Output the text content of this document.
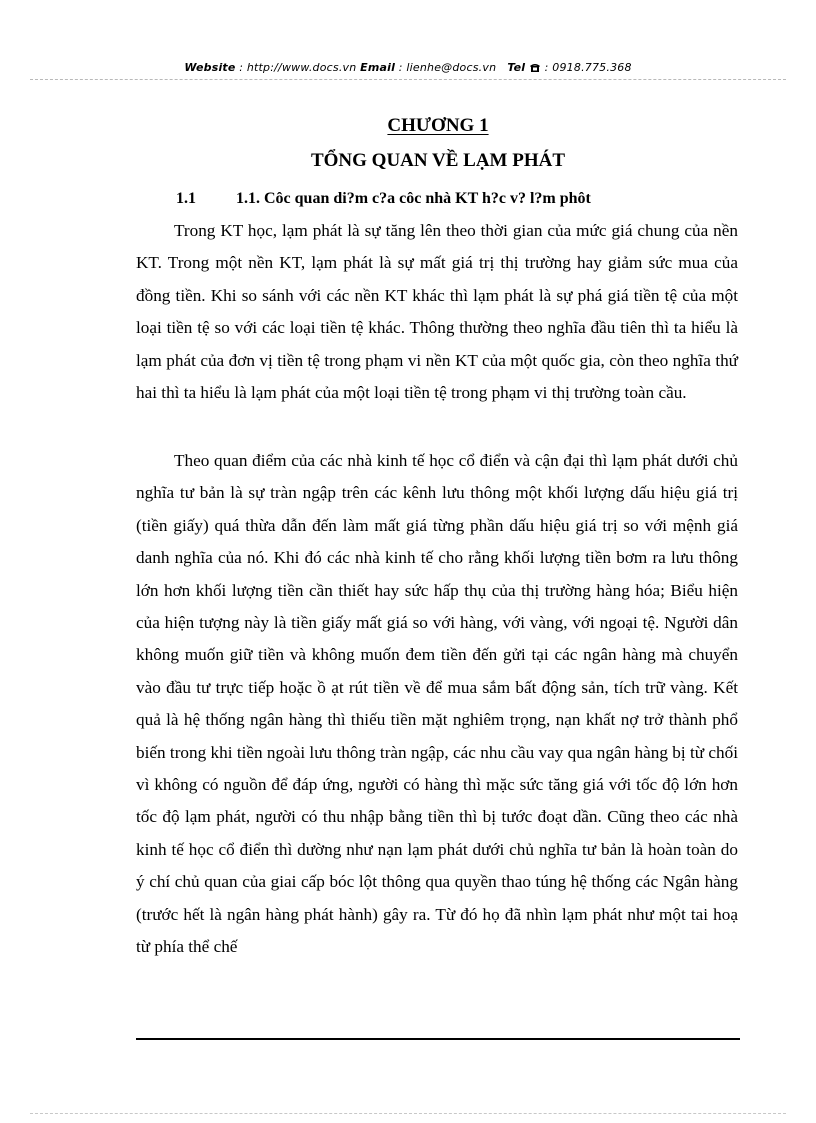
Website : http://www.docs.vn Email : lienhe@docs.vn Tel  : 0918.775.368
CHƯƠNG 1
TỔNG QUAN VỀ LẠM PHÁT
1.1	1.1. Côc quan di?m c?a côc nhà KT h?c v? l?m phôt
Trong KT học, lạm phát là sự tăng lên theo thời gian của mức giá chung của nền KT. Trong một nền KT, lạm phát là sự mất giá trị thị trường hay giảm sức mua của đồng tiền. Khi so sánh với các nền KT khác thì lạm phát là sự phá giá tiền tệ của một loại tiền tệ so với các loại tiền tệ khác. Thông thường theo nghĩa đầu tiên thì ta hiểu là lạm phát của đơn vị tiền tệ trong phạm vi nền KT của một quốc gia, còn theo nghĩa thứ hai thì ta hiểu là lạm phát của một loại tiền tệ trong phạm vi thị trường toàn cầu.
Theo quan điểm của các nhà kinh tế học cổ điển và cận đại thì lạm phát dưới chủ nghĩa tư bản là sự tràn ngập trên các kênh lưu thông một khối lượng dấu hiệu giá trị (tiền giấy) quá thừa dẫn đến làm mất giá từng phần dấu hiệu giá trị so với mệnh giá danh nghĩa của nó. Khi đó các nhà kinh tế cho rằng khối lượng tiền bơm ra lưu thông lớn hơn khối lượng tiền cần thiết hay sức hấp thụ của thị trường hàng hóa; Biểu hiện của hiện tượng này là tiền giấy mất giá so với hàng, với vàng, với ngoại tệ. Người dân không muốn giữ tiền và không muốn đem tiền đến gửi tại các ngân hàng mà chuyển vào đầu tư trực tiếp hoặc ồ ạt rút tiền về để mua sắm bất động sản, tích trữ vàng. Kết quả là hệ thống ngân hàng thì thiếu tiền mặt nghiêm trọng, nạn khất nợ trở thành phổ biến trong khi tiền ngoài lưu thông tràn ngập, các nhu cầu vay qua ngân hàng bị từ chối vì không có nguồn để đáp ứng, người có hàng thì mặc sức tăng giá với tốc độ lớn hơn tốc độ lạm phát, người có thu nhập bằng tiền thì bị tước đoạt dần. Cũng theo các nhà kinh tế học cổ điển thì dường như nạn lạm phát dưới chủ nghĩa tư bản là hoàn toàn do ý chí chủ quan của giai cấp bóc lột thông qua quyền thao túng hệ thống các Ngân hàng (trước hết là ngân hàng phát hành) gây ra. Từ đó họ đã nhìn lạm phát như một tai hoạ từ phía thể chế
